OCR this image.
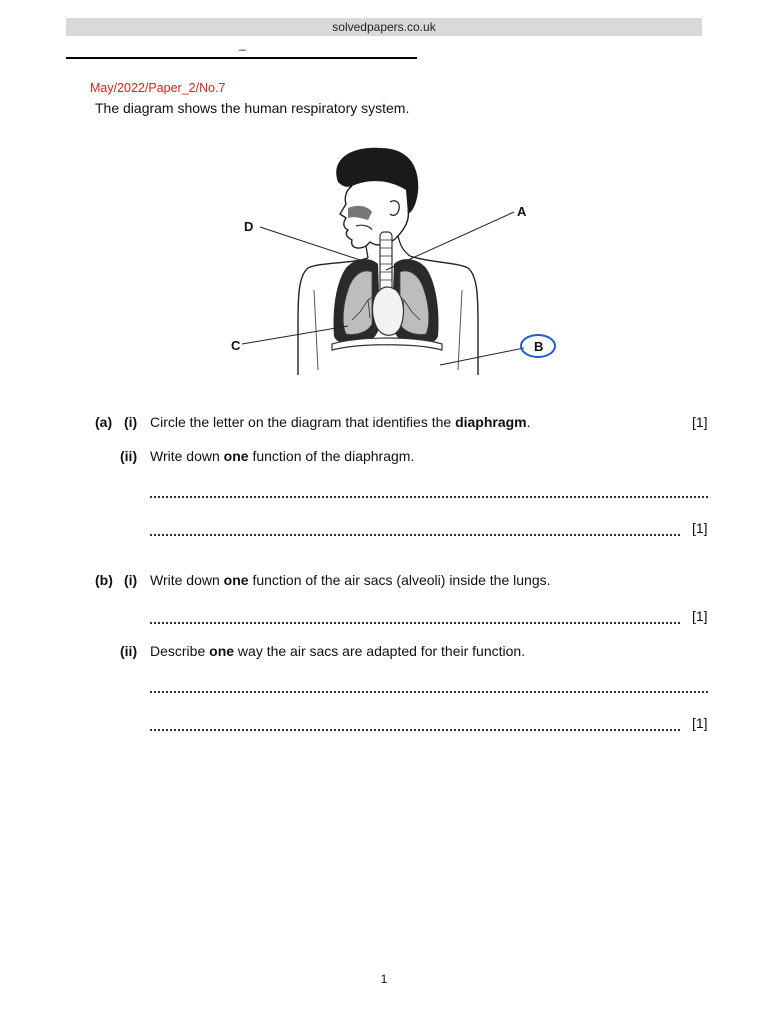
solvedpapers.co.uk
_
May/2022/Paper_2/No.7
The diagram shows the human respiratory system.
D
A
C	B
(a) (i) Circle the letter on the diagram that identifies the diaphragm.	[1]
(ii) Write down one function of the diaphragm.
[1]
(b) (i) Write down one function of the air sacs (alveoli) inside the lungs.
[1]
(ii) Describe one way the air sacs are adapted for their function.
[1]
1
